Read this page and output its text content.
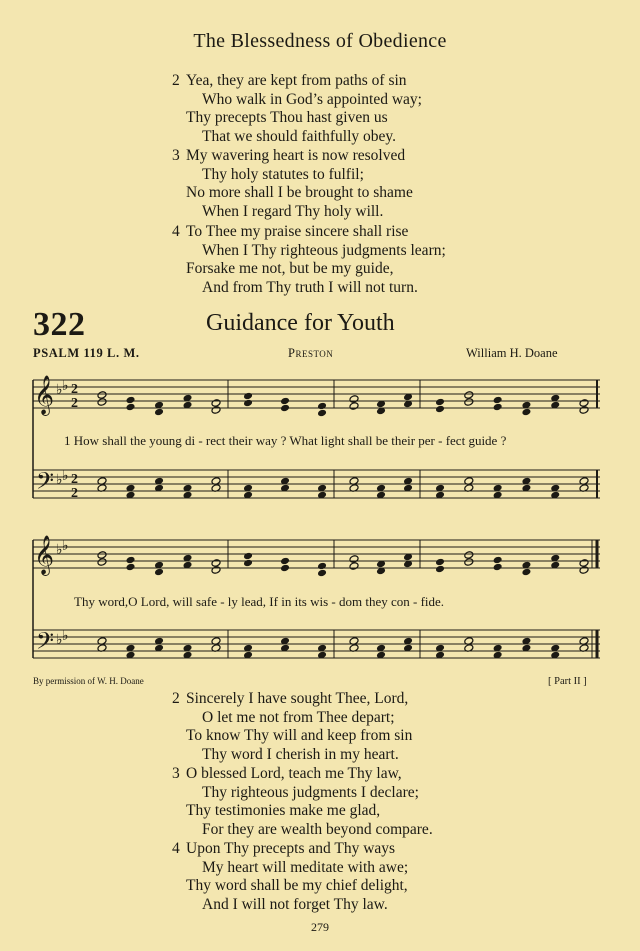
The Blessedness of Obedience
2 Yea, they are kept from paths of sin
Who walk in God’s appointed way;
Thy precepts Thou hast given us
That we should faithfully obey.
3 My wavering heart is now resolved
Thy holy statutes to fulfil;
No more shall I be brought to shame
When I regard Thy holy will.
4 To Thee my praise sincere shall rise
When I Thy righteous judgments learn;
Forsake me not, but be my guide,
And from Thy truth I will not turn.
322	Guidance for Youth
PSALM 119 L. M.	Preston	William H. Doane
𝄞
𝄢
♭ ♭
♭ ♭
2
2
2
2
1 How shall the young di - rect their way ? What light shall be their per - fect guide ?
𝄞
𝄢
♭ ♭
♭ ♭
Thy word,O Lord, will safe - ly lead, If in its wis - dom they con - fide.
By permission of W. H. Doane	[ Part II ]
2 Sincerely I have sought Thee, Lord,
O let me not from Thee depart;
To know Thy will and keep from sin
Thy word I cherish in my heart.
3 O blessed Lord, teach me Thy law,
Thy righteous judgments I declare;
Thy testimonies make me glad,
For they are wealth beyond compare.
4 Upon Thy precepts and Thy ways
My heart will meditate with awe;
Thy word shall be my chief delight,
And I will not forget Thy law.
279
